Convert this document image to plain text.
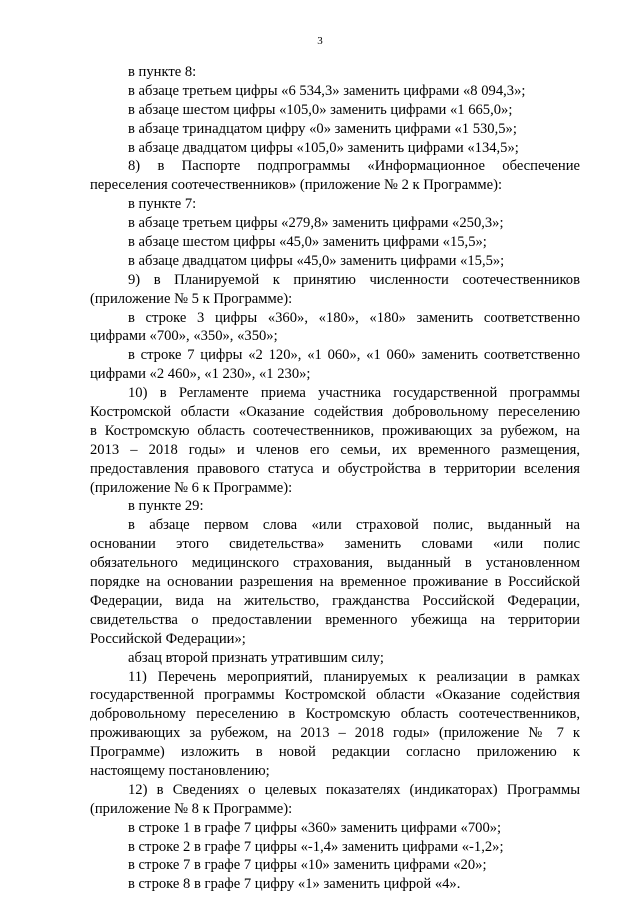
3
в пункте 8:
в абзаце третьем цифры «6 534,3» заменить цифрами «8 094,3»;
в абзаце шестом цифры «105,0» заменить цифрами «1 665,0»;
в абзаце тринадцатом цифру «0» заменить цифрами «1 530,5»;
в абзаце двадцатом цифры «105,0» заменить цифрами «134,5»;
8) в Паспорте подпрограммы «Информационное обеспечение
переселения соотечественников» (приложение № 2 к Программе):
в пункте 7:
в абзаце третьем цифры «279,8» заменить цифрами «250,3»;
в абзаце шестом цифры «45,0» заменить цифрами «15,5»;
в абзаце двадцатом цифры «45,0» заменить цифрами «15,5»;
9) в Планируемой к принятию численности соотечественников
(приложение № 5 к Программе):
в строке 3 цифры «360», «180», «180» заменить соответственно
цифрами «700», «350», «350»;
в строке 7 цифры «2 120», «1 060», «1 060» заменить соответственно
цифрами «2 460», «1 230», «1 230»;
10) в Регламенте приема участника государственной программы
Костромской области «Оказание содействия добровольному переселению
в Костромскую область соотечественников, проживающих за рубежом, на
2013 – 2018 годы» и членов его семьи, их временного размещения,
предоставления правового статуса и обустройства в территории вселения
(приложение № 6 к Программе):
в пункте 29:
в абзаце первом слова «или страховой полис, выданный на
основании этого свидетельства» заменить словами «или полис
обязательного медицинского страхования, выданный в установленном
порядке на основании разрешения на временное проживание в Российской
Федерации, вида на жительство, гражданства Российской Федерации,
свидетельства о предоставлении временного убежища на территории
Российской Федерации»;
абзац второй признать утратившим силу;
11) Перечень мероприятий, планируемых к реализации в рамках
государственной программы Костромской области «Оказание содействия
добровольному переселению в Костромскую область соотечественников,
проживающих за рубежом, на 2013 – 2018 годы» (приложение № 7 к
Программе) изложить в новой редакции согласно приложению к
настоящему постановлению;
12) в Сведениях о целевых показателях (индикаторах) Программы
(приложение № 8 к Программе):
в строке 1 в графе 7 цифры «360» заменить цифрами «700»;
в строке 2 в графе 7 цифры «-1,4» заменить цифрами «-1,2»;
в строке 7 в графе 7 цифры «10» заменить цифрами «20»;
в строке 8 в графе 7 цифру «1» заменить цифрой «4».
